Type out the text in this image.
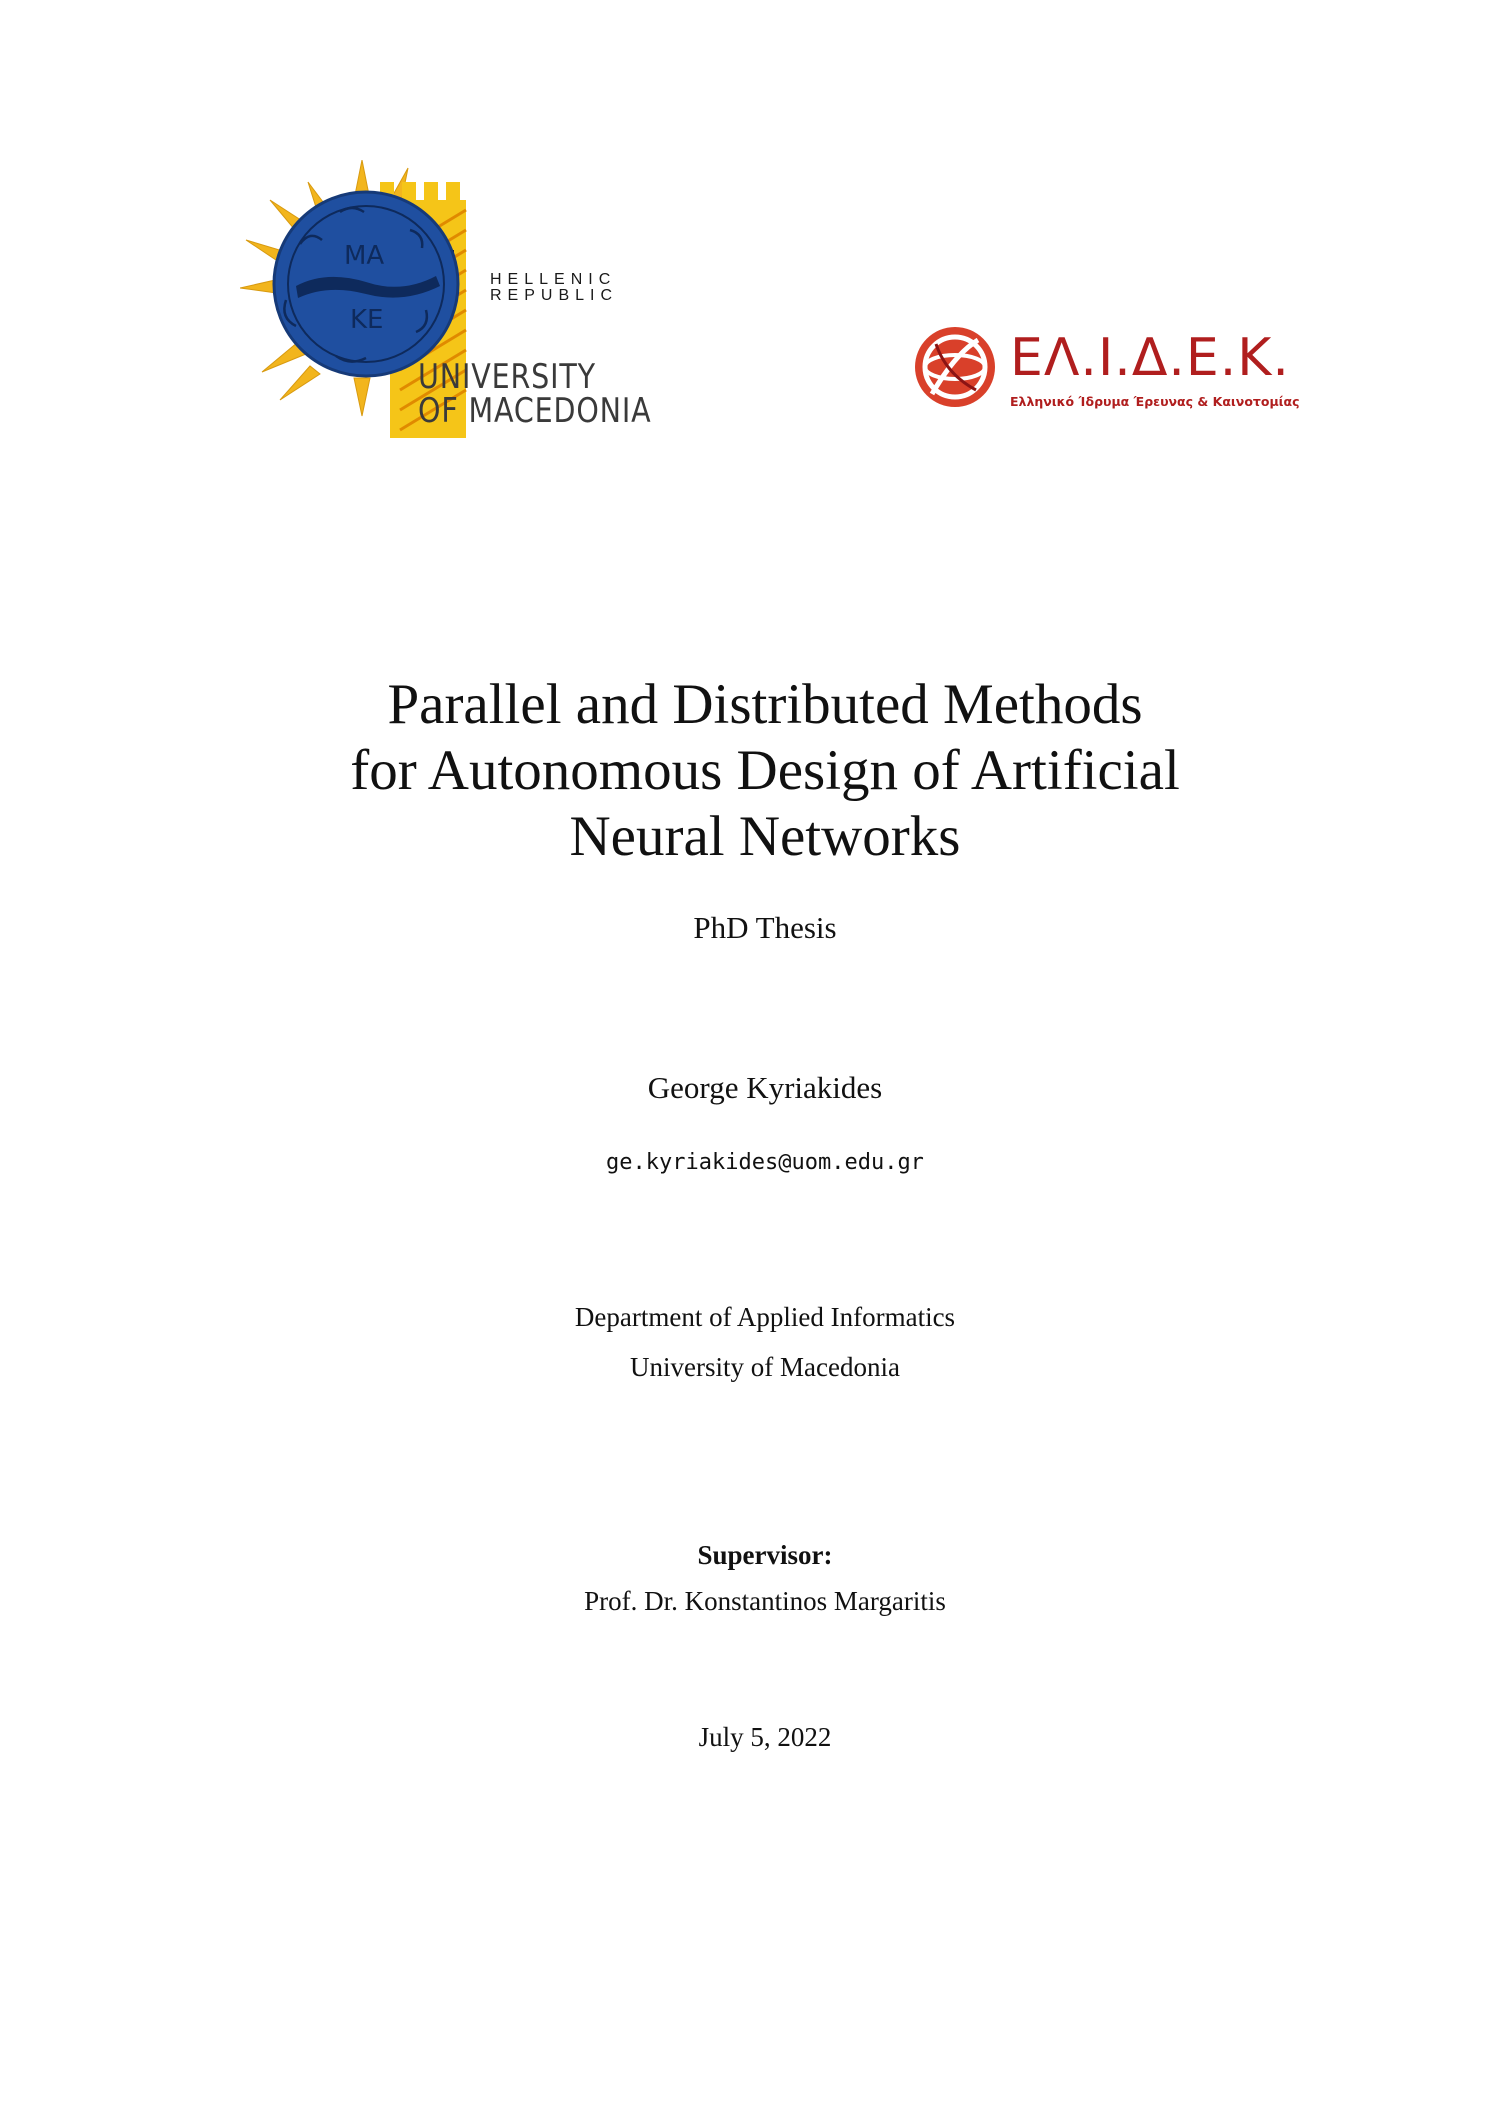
ΜΑ
ΚΕ
HELLENIC
REPUBLIC
UNIVERSITY
OF MACEDONIA
ΕΛ.Ι.Δ.Ε.Κ.
Ελληνικό Ίδρυμα Έρευνας & Καινοτομίας
Parallel and Distributed Methods
for Autonomous Design of Artificial
Neural Networks
PhD Thesis
George Kyriakides
ge.kyriakides@uom.edu.gr
Department of Applied Informatics
University of Macedonia
Supervisor:
Prof. Dr. Konstantinos Margaritis
July 5, 2022
